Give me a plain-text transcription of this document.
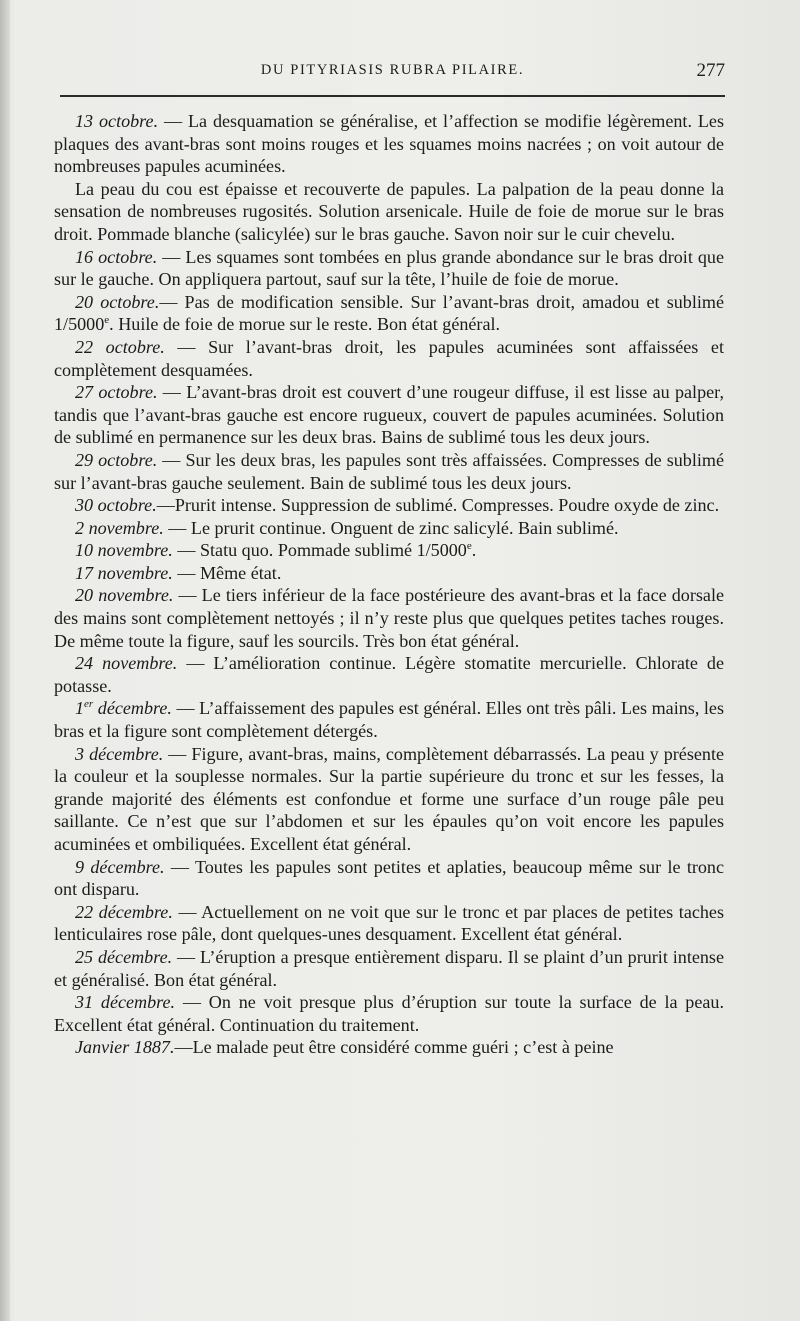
DU PITYRIASIS RUBRA PILAIRE.	277

13 octobre. — La desquamation se généralise, et l’affection se modifie légèrement. Les plaques des avant-bras sont moins rouges et les squames moins nacrées ; on voit autour de nombreuses papules acuminées.

La peau du cou est épaisse et recouverte de papules. La palpation de la peau donne la sensation de nombreuses rugosités. Solution arsenicale. Huile de foie de morue sur le bras droit. Pommade blanche (salicylée) sur le bras gauche. Savon noir sur le cuir chevelu.

16 octobre. — Les squames sont tombées en plus grande abondance sur le bras droit que sur le gauche. On appliquera partout, sauf sur la tête, l’huile de foie de morue.

20 octobre.— Pas de modification sensible. Sur l’avant-bras droit, amadou et sublimé 1/5000e. Huile de foie de morue sur le reste. Bon état général.

22 octobre. — Sur l’avant-bras droit, les papules acuminées sont affaissées et complètement desquamées.

27 octobre. — L’avant-bras droit est couvert d’une rougeur diffuse, il est lisse au palper, tandis que l’avant-bras gauche est encore rugueux, couvert de papules acuminées. Solution de sublimé en permanence sur les deux bras. Bains de sublimé tous les deux jours.

29 octobre. — Sur les deux bras, les papules sont très affaissées. Compresses de sublimé sur l’avant-bras gauche seulement. Bain de sublimé tous les deux jours.

30 octobre.—Prurit intense. Suppression de sublimé. Compresses. Poudre oxyde de zinc.

2 novembre. — Le prurit continue. Onguent de zinc salicylé. Bain sublimé.

10 novembre. — Statu quo. Pommade sublimé 1/5000e.

17 novembre. — Même état.

20 novembre. — Le tiers inférieur de la face postérieure des avant-bras et la face dorsale des mains sont complètement nettoyés ; il n’y reste plus que quelques petites taches rouges. De même toute la figure, sauf les sourcils. Très bon état général.

24 novembre. — L’amélioration continue. Légère stomatite mercurielle. Chlorate de potasse.

1er décembre. — L’affaissement des papules est général. Elles ont très pâli. Les mains, les bras et la figure sont complètement détergés.

3 décembre. — Figure, avant-bras, mains, complètement débarrassés. La peau y présente la couleur et la souplesse normales. Sur la partie supérieure du tronc et sur les fesses, la grande majorité des éléments est confondue et forme une surface d’un rouge pâle peu saillante. Ce n’est que sur l’abdomen et sur les épaules qu’on voit encore les papules acuminées et ombiliquées. Excellent état général.

9 décembre. — Toutes les papules sont petites et aplaties, beaucoup même sur le tronc ont disparu.

22 décembre. — Actuellement on ne voit que sur le tronc et par places de petites taches lenticulaires rose pâle, dont quelques-unes desquament. Excellent état général.

25 décembre. — L’éruption a presque entièrement disparu. Il se plaint d’un prurit intense et généralisé. Bon état général.

31 décembre. — On ne voit presque plus d’éruption sur toute la surface de la peau. Excellent état général. Continuation du traitement.

Janvier 1887.—Le malade peut être considéré comme guéri ; c’est à peine
